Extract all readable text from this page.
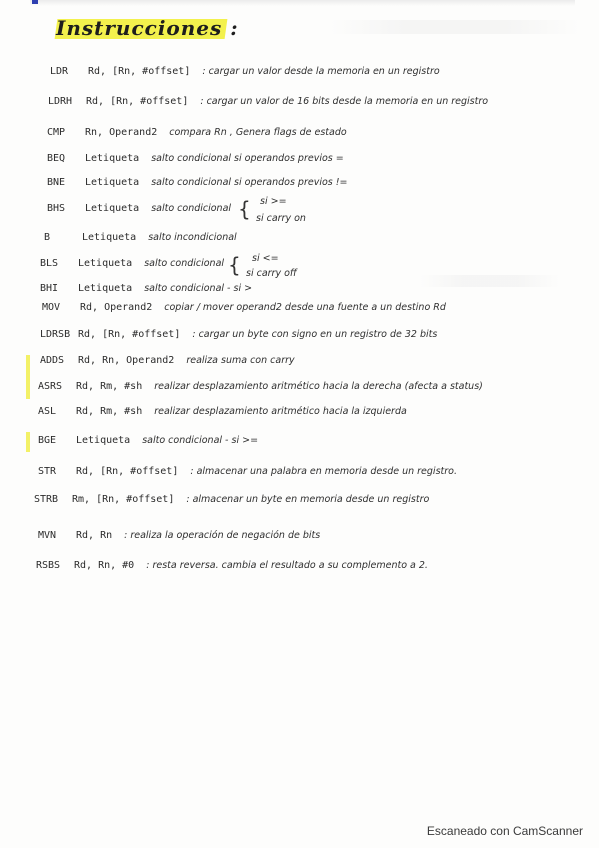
Instrucciones :
LDR Rd, [Rn, #offset] : cargar un valor desde la memoria en un registro
LDRH Rd, [Rn, #offset] : cargar un valor de 16 bits desde la memoria en un registro
CMP Rn, Operand2 compara Rn , Genera flags de estado
BEQ Letiqueta salto condicional si operandos previos =
BNE Letiqueta salto condicional si operandos previos !=
BHS Letiqueta salto condicional { si >=
si carry on
B	Letiqueta salto incondicional
BLS Letiqueta salto condicional { si <=
si carry off
BHI Letiqueta salto condicional - si >
MOV Rd, Operand2 copiar / mover operand2 desde una fuente a un destino Rd
LDRSB Rd, [Rn, #offset] : cargar un byte con signo en un registro de 32 bits
ADDS Rd, Rn, Operand2 realiza suma con carry
ASRS Rd, Rm, #sh realizar desplazamiento aritmético hacia la derecha (afecta a status)
ASL Rd, Rm, #sh realizar desplazamiento aritmético hacia la izquierda
BGE Letiqueta salto condicional - si >=
STR Rd, [Rn, #offset] : almacenar una palabra en memoria desde un registro.
STRB Rm, [Rn, #offset] : almacenar un byte en memoria desde un registro
MVN Rd, Rn : realiza la operación de negación de bits
RSBS Rd, Rn, #0 : resta reversa. cambia el resultado a su complemento a 2.
Escaneado con CamScanner
